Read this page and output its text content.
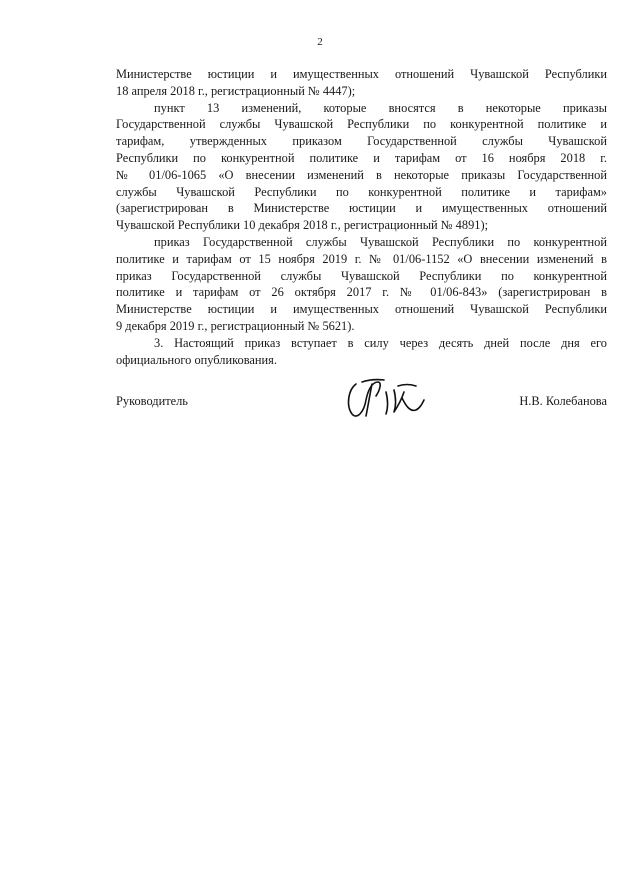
2

Министерстве юстиции и имущественных отношений Чувашской Республики
18 апреля 2018 г., регистрационный № 4447);

пункт 13 изменений, которые вносятся в некоторые приказы
Государственной службы Чувашской Республики по конкурентной политике и
тарифам, утвержденных приказом Государственной службы Чувашской
Республики по конкурентной политике и тарифам от 16 ноября 2018 г.
№ 01/06-1065 «О внесении изменений в некоторые приказы Государственной
службы Чувашской Республики по конкурентной политике и тарифам»
(зарегистрирован в Министерстве юстиции и имущественных отношений
Чувашской Республики 10 декабря 2018 г., регистрационный № 4891);

приказ Государственной службы Чувашской Республики по конкурентной
политике и тарифам от 15 ноября 2019 г. № 01/06-1152 «О внесении изменений в
приказ Государственной службы Чувашской Республики по конкурентной
политике и тарифам от 26 октября 2017 г. № 01/06-843» (зарегистрирован в
Министерстве юстиции и имущественных отношений Чувашской Республики
9 декабря 2019 г., регистрационный № 5621).

3. Настоящий приказ вступает в силу через десять дней после дня его
официального опубликования.

Руководитель	Н.В. Колебанова
